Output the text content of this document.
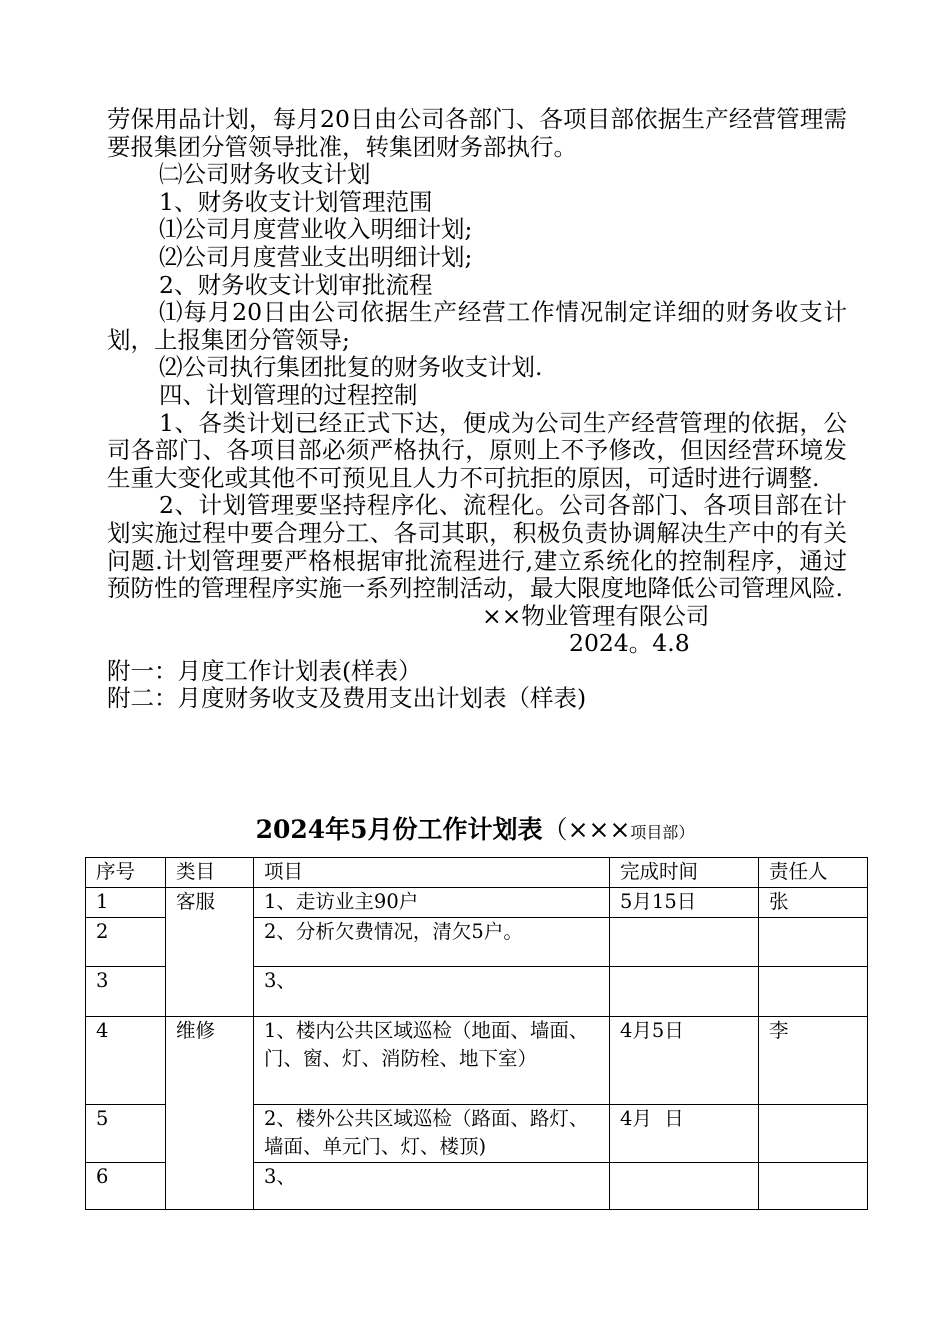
劳保用品计划，每月20日由公司各部门、各项目部依据生产经营管理需要报集团分管领导批准，转集团财务部执行。

㈡公司财务收支计划

1、财务收支计划管理范围

⑴公司月度营业收入明细计划;

⑵公司月度营业支出明细计划;

2、财务收支计划审批流程

⑴每月20日由公司依据生产经营工作情况制定详细的财务收支计划，上报集团分管领导;

⑵公司执行集团批复的财务收支计划.

四、计划管理的过程控制

1、各类计划已经正式下达，便成为公司生产经营管理的依据，公司各部门、各项目部必须严格执行，原则上不予修改，但因经营环境发生重大变化或其他不可预见且人力不可抗拒的原因，可适时进行调整.

2、计划管理要坚持程序化、流程化。公司各部门、各项目部在计划实施过程中要合理分工、各司其职，积极负责协调解决生产中的有关问题.计划管理要严格根据审批流程进行,建立系统化的控制程序，通过预防性的管理程序实施一系列控制活动，最大限度地降低公司管理风险.

××物业管理有限公司

2024。4.8

附一：月度工作计划表(样表）

附二：月度财务收支及费用支出计划表（样表)

2024年5月份工作计划表（×××项目部）
序号	类目	项目	完成时间	责任人
1	客服	1、走访业主90户	5月15日	张
2		2、分析欠费情况，清欠5户。		
3		3、		
4	维修	1、楼内公共区域巡检（地面、墙面、门、窗、灯、消防栓、地下室）	4月5日	李
5		2、楼外公共区域巡检（路面、路灯、墙面、单元门、灯、楼顶)	4月  日	
6		3、		
